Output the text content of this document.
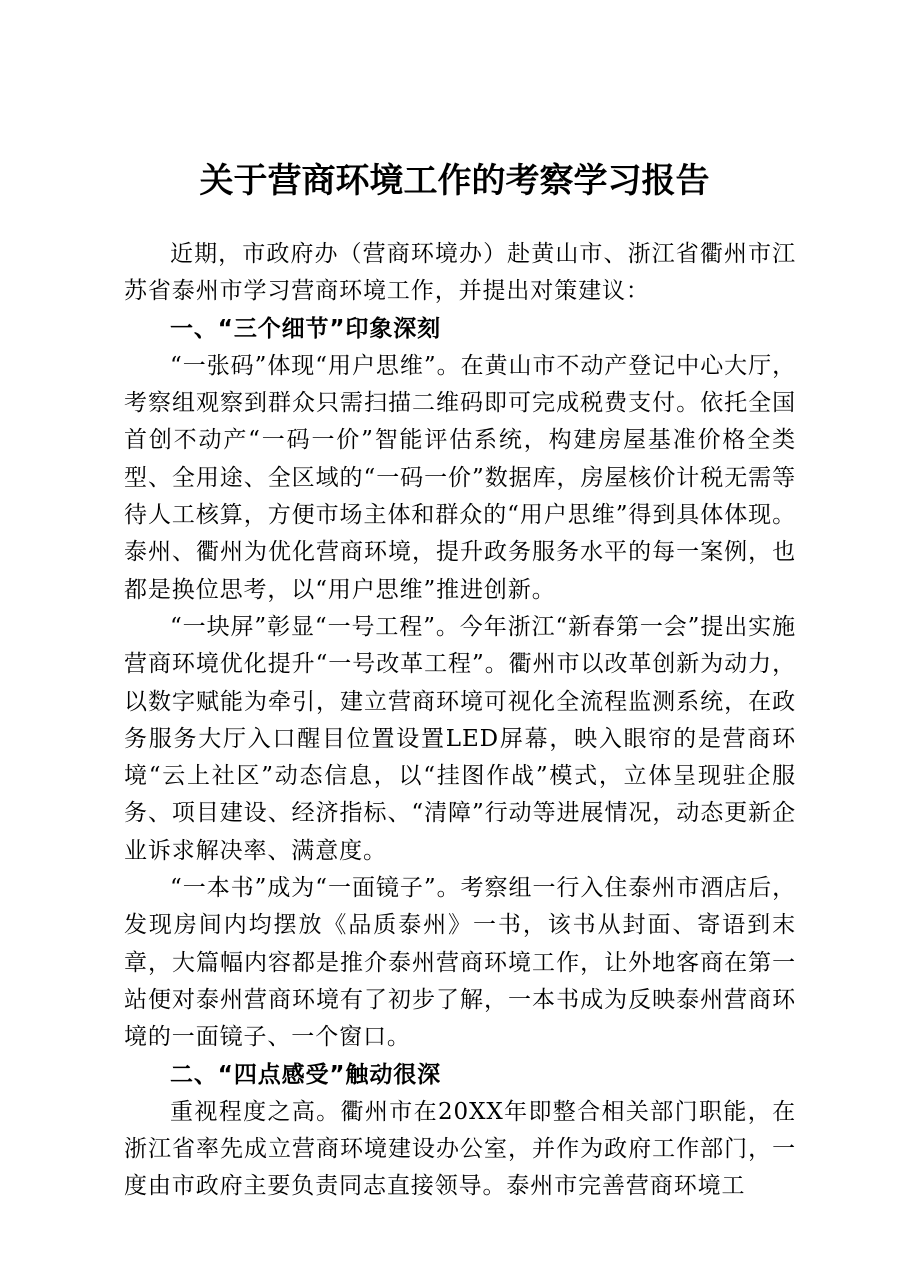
关于营商环境工作的考察学习报告

近期，市政府办（营商环境办）赴黄山市、浙江省衢州市江苏省泰州市学习营商环境工作，并提出对策建议：

一、“三个细节”印象深刻

“一张码”体现“用户思维”。在黄山市不动产登记中心大厅，考察组观察到群众只需扫描二维码即可完成税费支付。依托全国首创不动产“一码一价”智能评估系统，构建房屋基准价格全类型、全用途、全区域的“一码一价”数据库，房屋核价计税无需等待人工核算，方便市场主体和群众的“用户思维”得到具体体现。泰州、衢州为优化营商环境，提升政务服务水平的每一案例，也都是换位思考，以“用户思维”推进创新。

“一块屏”彰显“一号工程”。今年浙江“新春第一会”提出实施营商环境优化提升“一号改革工程”。衢州市以改革创新为动力，以数字赋能为牵引，建立营商环境可视化全流程监测系统，在政务服务大厅入口醒目位置设置LED屏幕，映入眼帘的是营商环境“云上社区”动态信息，以“挂图作战”模式，立体呈现驻企服务、项目建设、经济指标、“清障”行动等进展情况，动态更新企业诉求解决率、满意度。

“一本书”成为“一面镜子”。考察组一行入住泰州市酒店后，发现房间内均摆放《品质泰州》一书，该书从封面、寄语到末章，大篇幅内容都是推介泰州营商环境工作，让外地客商在第一站便对泰州营商环境有了初步了解，一本书成为反映泰州营商环境的一面镜子、一个窗口。

二、“四点感受”触动很深

重视程度之高。衢州市在20XX年即整合相关部门职能，在浙江省率先成立营商环境建设办公室，并作为政府工作部门，一度由市政府主要负责同志直接领导。泰州市完善营商环境工
